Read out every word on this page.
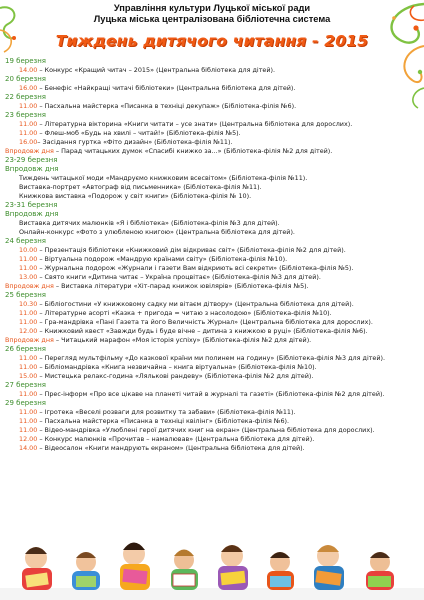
Управління культури Луцької міської ради
Луцька міська централізована бібліотечна система
Тиждень дитячого читання - 2015
19 березня
14.00 – Конкурс «Кращий читач – 2015» (Центральна бібліотека для дітей).
20 березня
16.00 – Бенефіс «Найкращі читачі бібліотеки» (Центральна бібліотека для дітей).
22 березня
11.00 – Пасхальна майстерка «Писанка в техніці декупаж» (Бібліотека-філія №6).
23 березня
11.00 – Літературна вікторина «Книги читати – усе знати» (Центральна бібліотека для дорослих).
11.00 – Флеш-моб «Будь на хвилі – читай!» (Бібліотека-філія №5).
16.00– Засідання гуртка «Фіто дизайн» (Бібліотека-філія №11).
Впродовж дня – Парад читацьких думок «Спасибі книжко за...» (Бібліотека-філія №2 для дітей).
23-29 березня
Впродовж дня
Тиждень читацької моди «Мандруємо книжковим всесвітом» (Бібліотека-філія №11).
Виставка-портрет «Автограф від письменника» (Бібліотека-філія №11).
Книжкова виставка «Подорож у світ книги» (Бібліотека-філія № 10).
23-31 березня
Впродовж дня
Виставка дитячих малюнків «Я і бібліотека» (Бібліотека-філія №3 для дітей).
Онлайн-конкурс «Фото з улюбленою книгою» (Центральна бібліотека для дітей).
24 березня
10.00 – Презентація бібліотеки «Книжковий дім відкриває світ» (Бібліотека-філія №2 для дітей).
11.00 – Віртуальна подорож «Мандрую країнами світу» (Бібліотека-філія №10).
11.00 – Журнальна подорож «Журнали і газети Вам відкриють всі секрети» (Бібліотека-філія №5).
13.00 – Свято книги «Дитина читає – Україна процвітає» (Бібліотека-філія №3 для дітей).
Впродовж дня – Виставка літератури «Хіт-парад книжок ювілярів» (Бібліотека-філія №5).
25 березня
10.30 – Бібліогостини «У книжковому садку ми вітаєм дітвору» (Центральна бібліотека для дітей).
11.00 – Літературне асорті «Казка + пригода = читаю з насолодою» (Бібліотека-філія №10).
11.00 – Гра-мандрівка «Пані Газета та його Величність Журнал» (Центральна бібліотека для дорослих).
12.00 – Книжковий квест «Завжди будь і буде вічне – дитина з книжкою в руці» (Бібліотека-філія №6).
Впродовж дня – Читацький марафон «Моя історія успіху» (Бібліотека-філія №2 для дітей).
26 березня
11.00 – Перегляд мультфільму «До казкової країни ми полинем на годину» (Бібліотека-філія №3 для дітей).
11.00 – Бібліомандрівка «Книга незвичайна – книга віртуальна» (Бібліотека-філія №10).
15.00 – Мистецька релакс-година «Лялькові рандеву» (Бібліотека-філія №2 для дітей).
27 березня
11.00 – Прес-інформ «Про все цікаве на планеті читай в журналі та газеті» (Бібліотека-філія №2 для дітей).
29 березня
11.00 – Ігротека «Веселі розваги для розвитку та забави» (Бібліотека-філія №11).
11.00 – Пасхальна майстерка «Писанка в техніці квілінг» (Бібліотека-філія №6).
11.00 – Відео-мандрівка «Улюблені герої дитячих книг на екран» (Центральна бібліотека для дорослих).
12.00 – Конкурс малюнків «Прочитав – намалював» (Центральна бібліотека для дітей).
14.00 – Відеосалон «Книги мандрують екраном» (Центральна бібліотека для дітей).
